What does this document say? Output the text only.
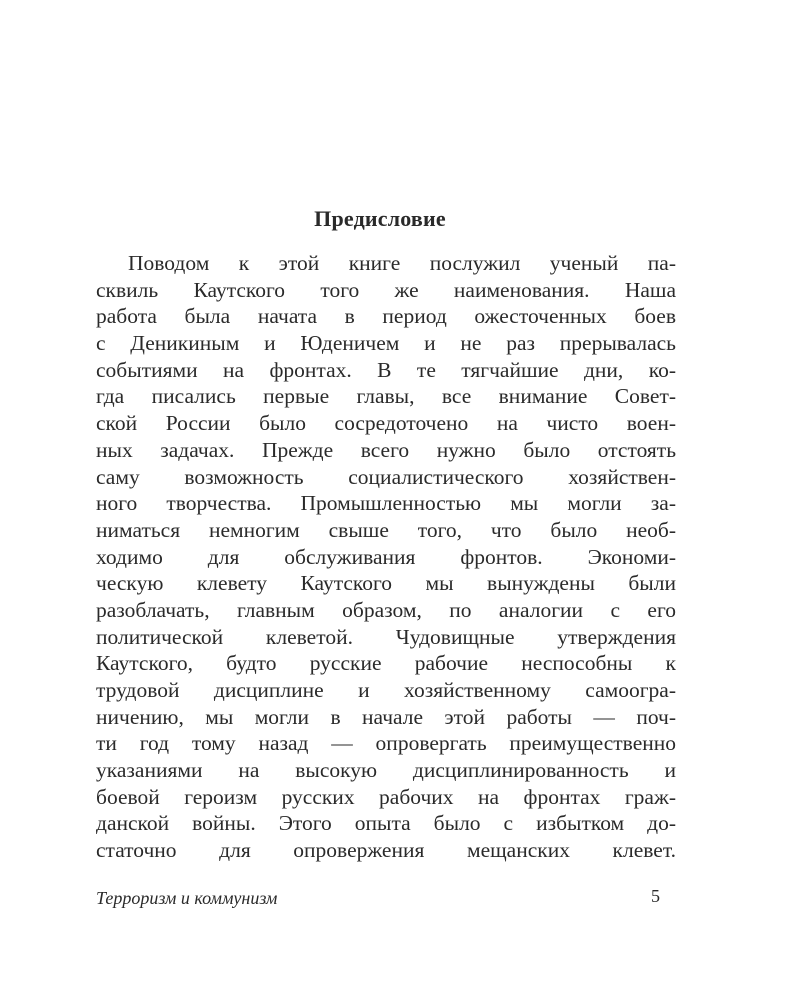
Предисловие
Поводом к этой книге послужил ученый па-
сквиль Каутского того же наименования. Наша
работа была начата в период ожесточенных боев
с Деникиным и Юденичем и не раз прерывалась
событиями на фронтах. В те тягчайшие дни, ко-
гда писались первые главы, все внимание Совет-
ской России было сосредоточено на чисто воен-
ных задачах. Прежде всего нужно было отстоять
саму возможность социалистического хозяйствен-
ного творчества. Промышленностью мы могли за-
ниматься немногим свыше того, что было необ-
ходимо для обслуживания фронтов. Экономи-
ческую клевету Каутского мы вынуждены были
разоблачать, главным образом, по аналогии с его
политической клеветой. Чудовищные утверждения
Каутского, будто русские рабочие неспособны к
трудовой дисциплине и хозяйственному самоогра-
ничению, мы могли в начале этой работы — поч-
ти год тому назад — опровергать преимущественно
указаниями на высокую дисциплинированность и
боевой героизм русских рабочих на фронтах граж-
данской войны. Этого опыта было с избытком до-
статочно для опровержения мещанских клевет.
Терроризм и коммунизм	5
